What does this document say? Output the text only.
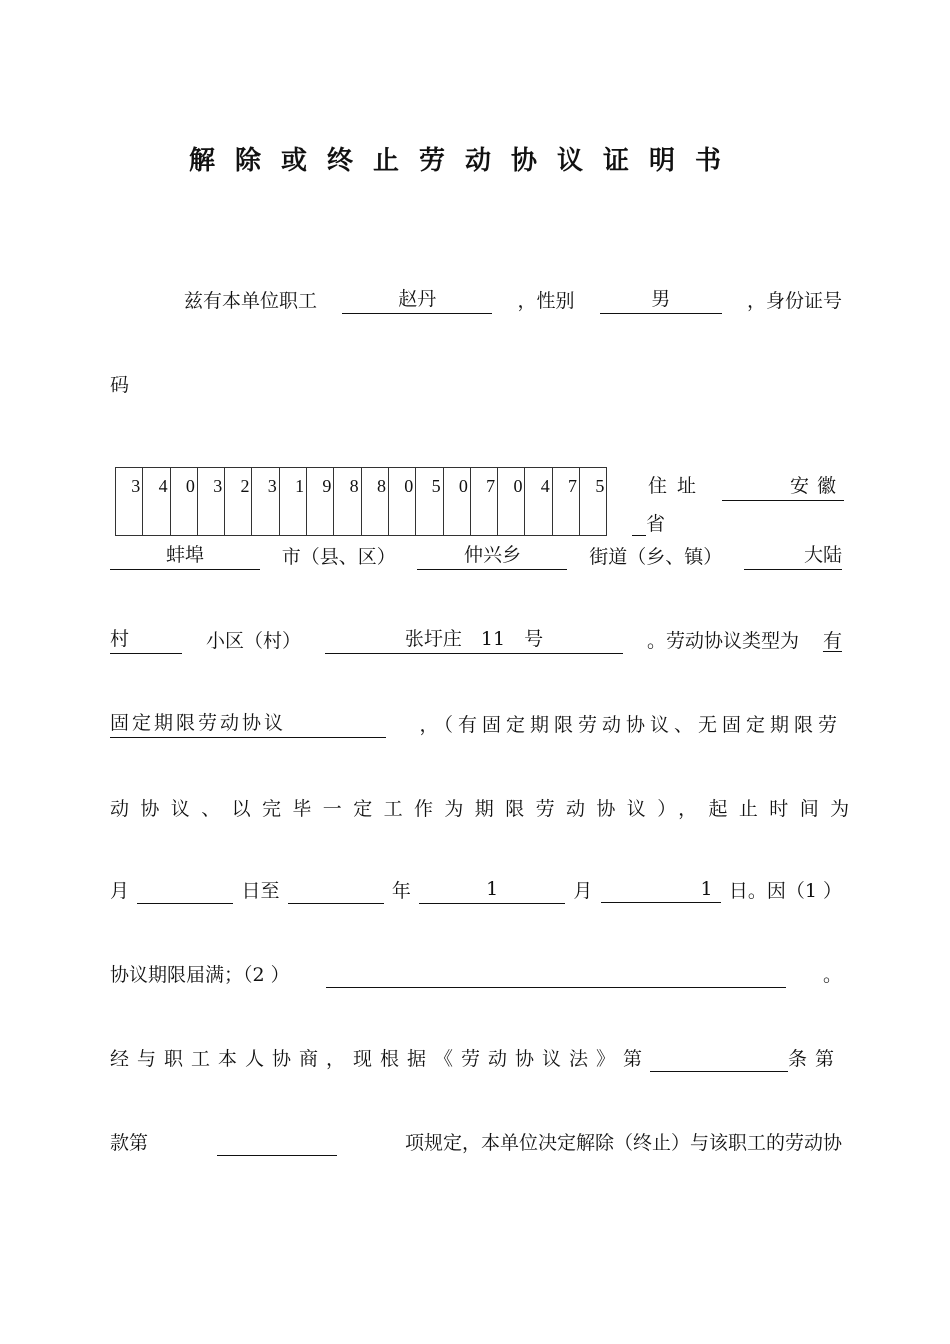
解除或终止劳动协议证明书
兹有本单位职工	赵丹	，性别	男	，身份证号
码
3	4	0	3	2	3	1	9	8	8	0	5	0	7	0	4	7	5 住址	安徽
省
蚌埠	市（县、区）	仲兴乡	街道（乡、镇）	大陆
村	小区（村）	张圩庄　11　号	。劳动协议类型为 有
固定期限劳动协议	，（有固定期限劳动协议、无固定期限劳
动协议、以完毕一定工作为期限劳动协议），起止时间为
月	日至	年	1	月	1 日。因（1 ）
协议期限届满；（2 ）	。
经与职工本人协商，现根据《劳动协议法》第	条第
款第	项规定，本单位决定解除（终止）与该职工的劳动协
